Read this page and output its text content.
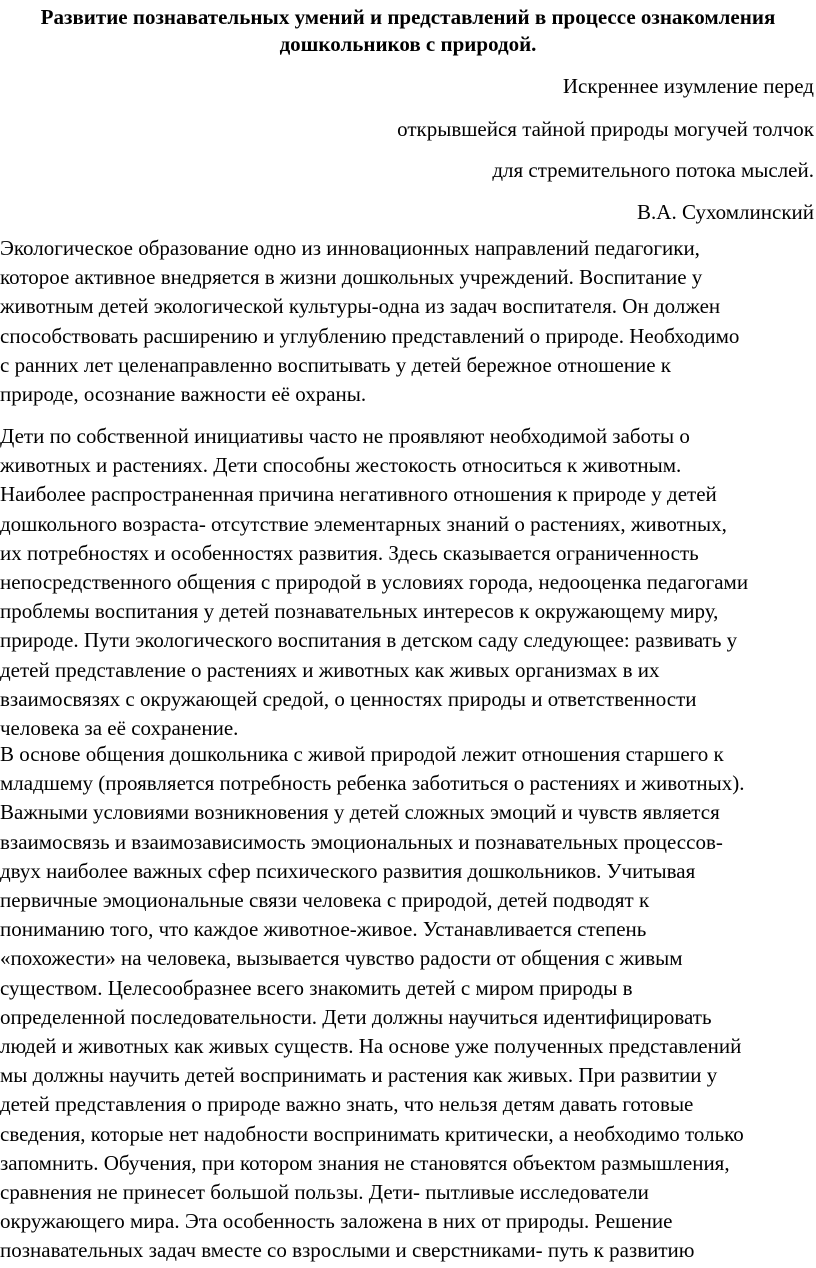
Развитие познавательных умений и представлений в процессе ознакомления
дошкольников с природой.

Искреннее изумление перед

открывшейся тайной природы могучей толчок

для стремительного потока мыслей.

В.А. Сухомлинский

Экологическое образование одно из инновационных направлений педагогики,
которое активное внедряется в жизни дошкольных учреждений. Воспитание у
животным детей экологической культуры-одна из задач воспитателя. Он должен
способствовать расширению и углублению представлений о природе. Необходимо
с ранних лет целенаправленно воспитывать у детей бережное отношение к
природе, осознание важности её охраны.

Дети по собственной инициативы часто не проявляют необходимой заботы о
животных и растениях. Дети способны жестокость относиться к животным.
Наиболее распространенная причина негативного отношения к природе у детей
дошкольного возраста- отсутствие элементарных знаний о растениях, животных,
их потребностях и особенностях развития. Здесь сказывается ограниченность
непосредственного общения с природой в условиях города, недооценка педагогами
проблемы воспитания у детей познавательных интересов к окружающему миру,
природе. Пути экологического воспитания в детском саду следующее: развивать у
детей представление о растениях и животных как живых организмах в их
взаимосвязях с окружающей средой, о ценностях природы и ответственности
человека за её сохранение.

В основе общения дошкольника с живой природой лежит отношения старшего к
младшему (проявляется потребность ребенка заботиться о растениях и животных).
Важными условиями возникновения у детей сложных эмоций и чувств является
взаимосвязь и взаимозависимость эмоциональных и познавательных процессов-
двух наиболее важных сфер психического развития дошкольников. Учитывая
первичные эмоциональные связи человека с природой, детей подводят к
пониманию того, что каждое животное-живое. Устанавливается степень
«похожести» на человека, вызывается чувство радости от общения с живым
существом. Целесообразнее всего знакомить детей с миром природы в
определенной последовательности. Дети должны научиться идентифицировать
людей и животных как живых существ. На основе уже полученных представлений
мы должны научить детей воспринимать и растения как живых. При развитии у
детей представления о природе важно знать, что нельзя детям давать готовые
сведения, которые нет надобности воспринимать критически, а необходимо только
запомнить. Обучения, при котором знания не становятся объектом размышления,
сравнения не принесет большой пользы. Дети- пытливые исследователи
окружающего мира. Эта особенность заложена в них от природы. Решение
познавательных задач вместе со взрослыми и сверстниками- путь к развитию
